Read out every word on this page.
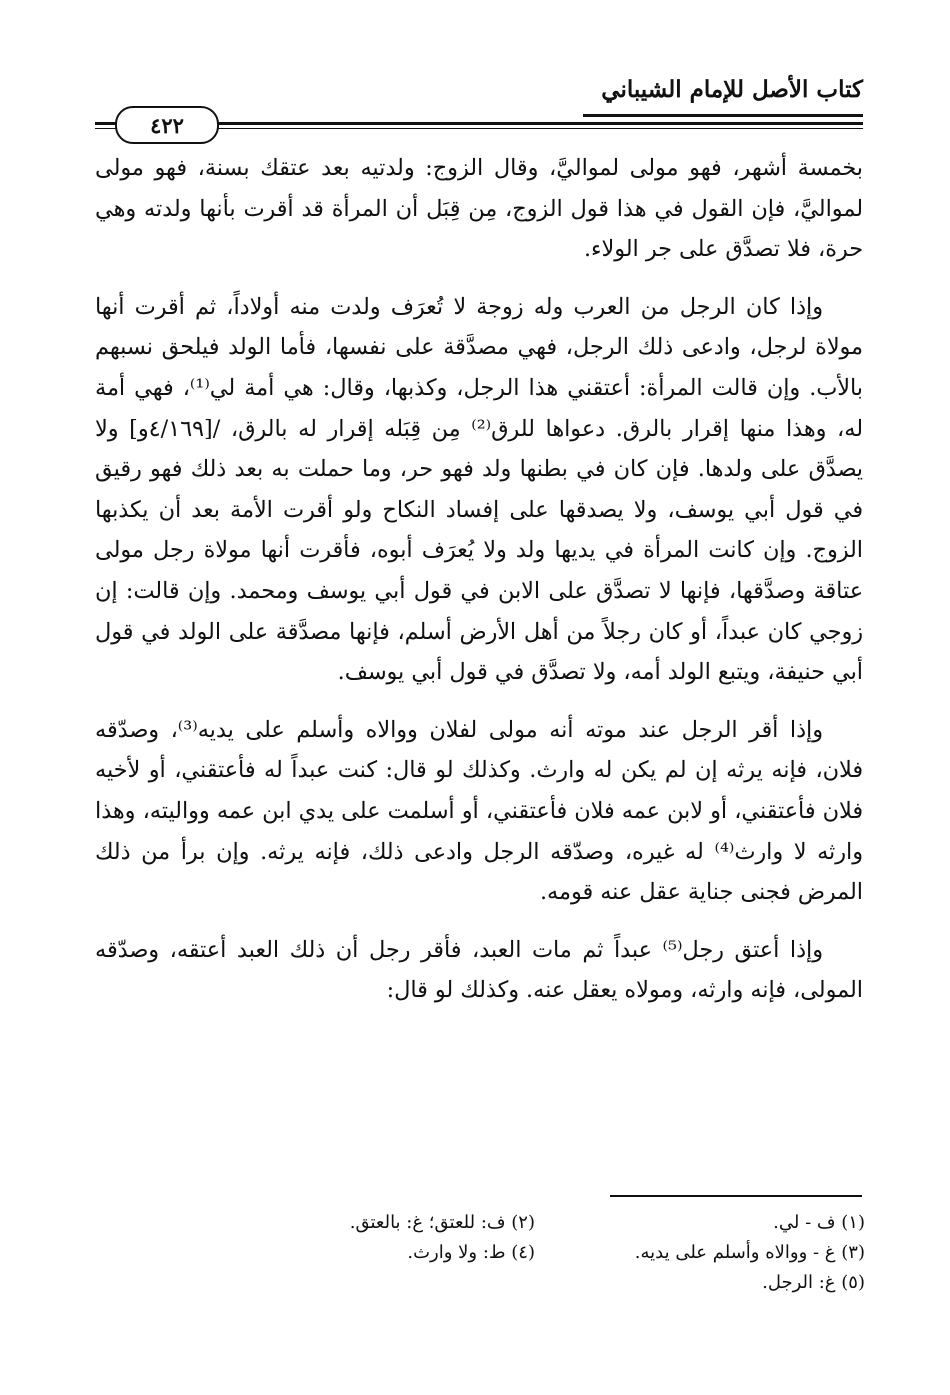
كتاب الأصل للإمام الشيباني
٤٢٢

بخمسة أشهر، فهو مولى لمواليَّ، وقال الزوج: ولدتيه بعد عتقك بسنة، فهو مولى لمواليَّ، فإن القول في هذا قول الزوج، مِن قِبَل أن المرأة قد أقرت بأنها ولدته وهي حرة، فلا تصدَّق على جر الولاء.

وإذا كان الرجل من العرب وله زوجة لا تُعرَف ولدت منه أولاداً، ثم أقرت أنها مولاة لرجل، وادعى ذلك الرجل، فهي مصدَّقة على نفسها، فأما الولد فيلحق نسبهم بالأب. وإن قالت المرأة: أعتقني هذا الرجل، وكذبها، وقال: هي أمة لي⁽¹⁾، فهي أمة له، وهذا منها إقرار بالرق. دعواها للرق⁽²⁾ مِن قِبَله إقرار له بالرق، /[٤/١٦٩و] ولا يصدَّق على ولدها. فإن كان في بطنها ولد فهو حر، وما حملت به بعد ذلك فهو رقيق في قول أبي يوسف، ولا يصدقها على إفساد النكاح ولو أقرت الأمة بعد أن يكذبها الزوج. وإن كانت المرأة في يديها ولد ولا يُعرَف أبوه، فأقرت أنها مولاة رجل مولى عتاقة وصدَّقها، فإنها لا تصدَّق على الابن في قول أبي يوسف ومحمد. وإن قالت: إن زوجي كان عبداً، أو كان رجلاً من أهل الأرض أسلم، فإنها مصدَّقة على الولد في قول أبي حنيفة، ويتبع الولد أمه، ولا تصدَّق في قول أبي يوسف.

وإذا أقر الرجل عند موته أنه مولى لفلان ووالاه وأسلم على يديه⁽³⁾، وصدّقه فلان، فإنه يرثه إن لم يكن له وارث. وكذلك لو قال: كنت عبداً له فأعتقني، أو لأخيه فلان فأعتقني، أو لابن عمه فلان فأعتقني، أو أسلمت على يدي ابن عمه وواليته، وهذا وارثه لا وارث⁽⁴⁾ له غيره، وصدّقه الرجل وادعى ذلك، فإنه يرثه. وإن برأ من ذلك المرض فجنى جناية عقل عنه قومه.

وإذا أعتق رجل⁽⁵⁾ عبداً ثم مات العبد، فأقر رجل أن ذلك العبد أعتقه، وصدّقه المولى، فإنه وارثه، ومولاه يعقل عنه. وكذلك لو قال:

(١) ف - لي.
(٢) ف: للعتق؛ غ: بالعتق.
(٣) غ - ووالاه وأسلم على يديه.
(٤) ط: ولا وارث.
(٥) غ: الرجل.
